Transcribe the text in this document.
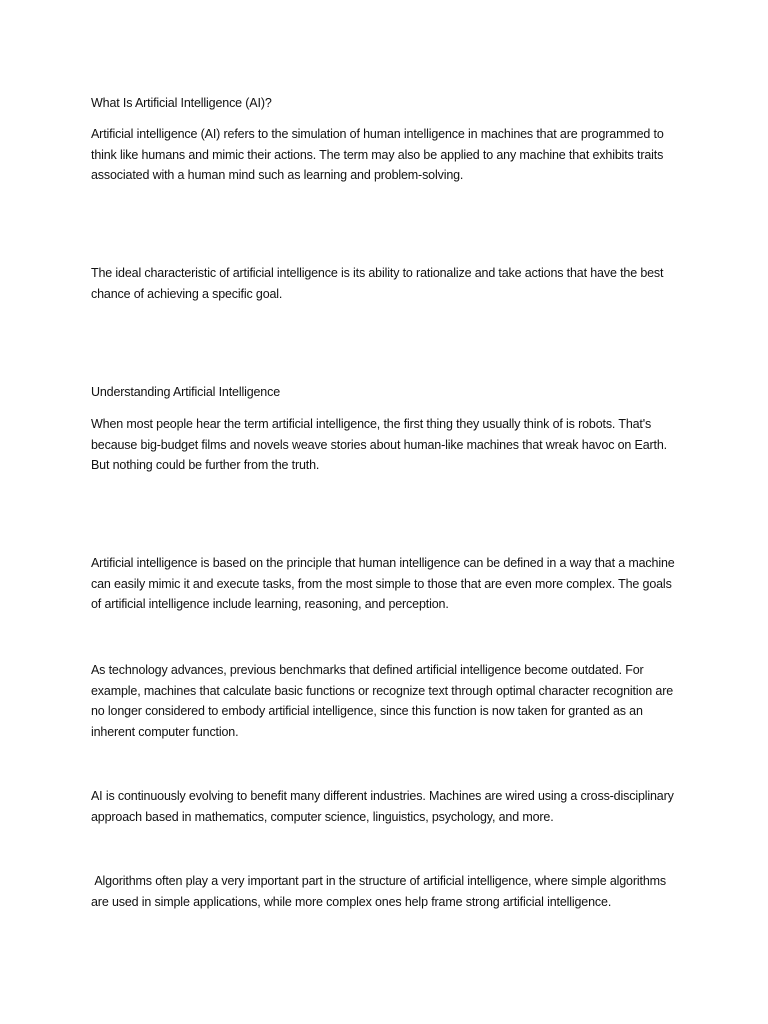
What Is Artificial Intelligence (AI)?

Artificial intelligence (AI) refers to the simulation of human intelligence in machines that are programmed to think like humans and mimic their actions. The term may also be applied to any machine that exhibits traits associated with a human mind such as learning and problem-solving.

The ideal characteristic of artificial intelligence is its ability to rationalize and take actions that have the best chance of achieving a specific goal.

Understanding Artificial Intelligence

When most people hear the term artificial intelligence, the first thing they usually think of is robots. That's because big-budget films and novels weave stories about human-like machines that wreak havoc on Earth. But nothing could be further from the truth.

Artificial intelligence is based on the principle that human intelligence can be defined in a way that a machine can easily mimic it and execute tasks, from the most simple to those that are even more complex. The goals of artificial intelligence include learning, reasoning, and perception.

As technology advances, previous benchmarks that defined artificial intelligence become outdated. For example, machines that calculate basic functions or recognize text through optimal character recognition are no longer considered to embody artificial intelligence, since this function is now taken for granted as an inherent computer function.

AI is continuously evolving to benefit many different industries. Machines are wired using a cross-disciplinary approach based in mathematics, computer science, linguistics, psychology, and more.

Algorithms often play a very important part in the structure of artificial intelligence, where simple algorithms are used in simple applications, while more complex ones help frame strong artificial intelligence.
